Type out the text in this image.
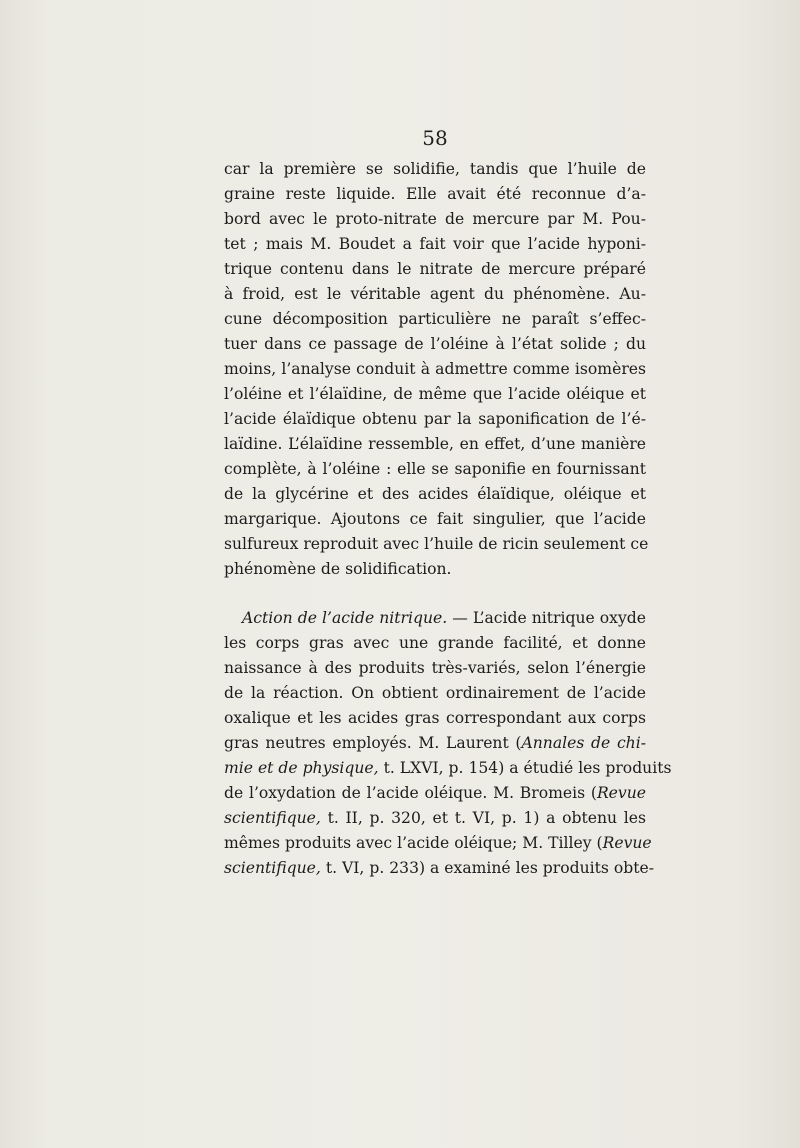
58
car la première se solidifie, tandis que l’huile de
graine reste liquide. Elle avait été reconnue d’a-
bord avec le proto-nitrate de mercure par M. Pou-
tet ; mais M. Boudet a fait voir que l’acide hyponi-
trique contenu dans le nitrate de mercure préparé
à froid, est le véritable agent du phénomène. Au-
cune décomposition particulière ne paraît s’effec-
tuer dans ce passage de l’oléine à l’état solide ; du
moins, l’analyse conduit à admettre comme isomères
l’oléine et l’élaïdine, de même que l’acide oléique et
l’acide élaïdique obtenu par la saponification de l’é-
laïdine. L’élaïdine ressemble, en effet, d’une manière
complète, à l’oléine : elle se saponifie en fournissant
de la glycérine et des acides élaïdique, oléique et
margarique. Ajoutons ce fait singulier, que l’acide
sulfureux reproduit avec l’huile de ricin seulement ce
phénomène de solidification.
Action de l’acide nitrique. — L’acide nitrique oxyde
les corps gras avec une grande facilité, et donne
naissance à des produits très-variés, selon l’énergie
de la réaction. On obtient ordinairement de l’acide
oxalique et les acides gras correspondant aux corps
gras neutres employés. M. Laurent (Annales de chi-
mie et de physique, t. LXVI, p. 154) a étudié les produits
de l’oxydation de l’acide oléique. M. Bromeis (Revue
scientifique, t. II, p. 320, et t. VI, p. 1) a obtenu les
mêmes produits avec l’acide oléique; M. Tilley (Revue
scientifique, t. VI, p. 233) a examiné les produits obte-
